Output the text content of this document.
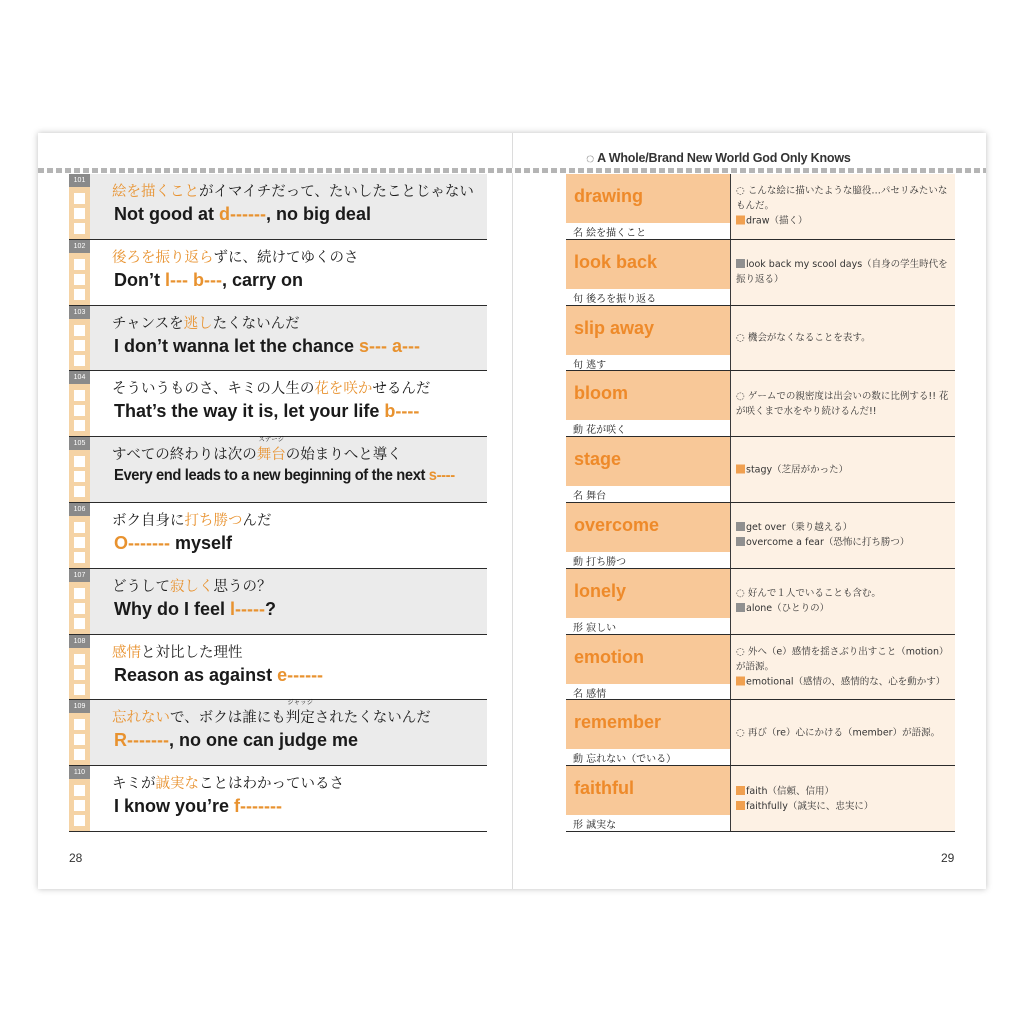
◌ A Whole/Brand New World God Only Knows
101
絵を描くことがイマイチだって、たいしたことじゃない
Not good at d------, no big deal
102
後ろを振り返らずに、続けてゆくのさ
Don’t l--- b---, carry on
103
チャンスを逃したくないんだ
I don’t wanna let the chance s--- a---
104
そういうものさ、キミの人生の花を咲かせるんだ
That’s the way it is, let your life b----
105
すべての終わりは次の舞台
ステージ
の始まりへと導く
Every end leads to a new beginning of the next s----
106
ボク自身に打ち勝つんだ
O------- myself
107
どうして寂しく思うの？
Why do I feel l-----?
108
感情と対比した理性
Reason as against e------
109
忘れないで、ボクは誰にも判定
ジャッジ
されたくないんだ
R-------, no one can judge me
110
キミが誠実なことはわかっているさ
I know you’re f-------
drawing
名 絵を描くこと
◌ こんな絵に描いたような臆役…パセリみたいなもんだ。
draw（描く）
look back
旬 後ろを振り返る
look back my scool days（自身の学生時代を振り返る）
slip away
旬 逃す
◌ 機会がなくなることを表す。
bloom
動 花が咲く
◌ ゲームでの親密度は出会いの数に比例する!! 花が咲くまで水をやり続けるんだ!!
stage
名 舞台
stagy（芝居がかった）
overcome
動 打ち勝つ
get over（乗り越える）
overcome a fear（恐怖に打ち勝つ）
lonely
形 寂しい
◌ 好んで１人でいることも含む。
alone（ひとりの）
emotion
名 感情
◌ 外へ（e）感情を揺さぶり出すこと（motion）が語源。
emotional（感情の、感情的な、心を動かす）
remember
動 忘れない（でいる）
◌ 再び（re）心にかける（member）が語源。
faithful
形 誠実な
faith（信頼、信用）
faithfully（誠実に、忠実に）
28	29
